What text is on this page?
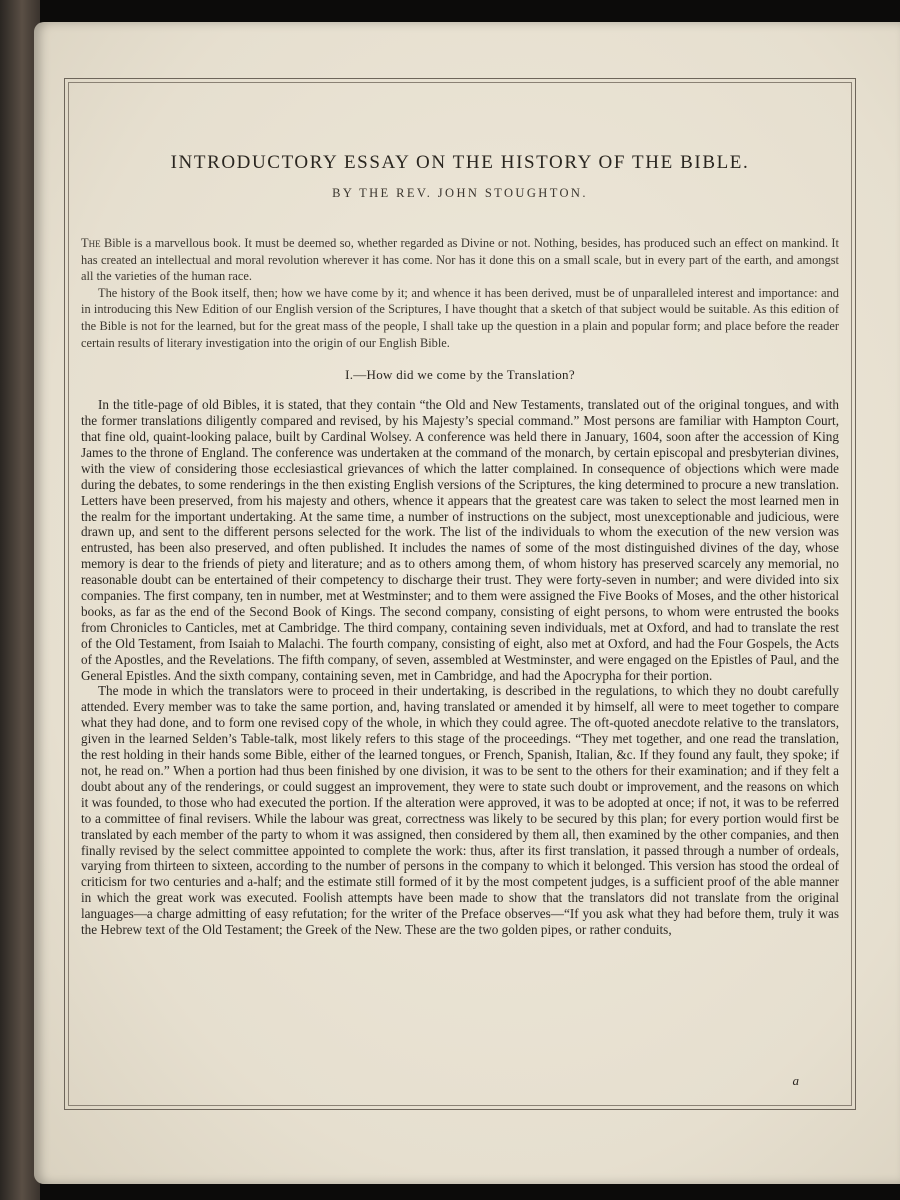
INTRODUCTORY ESSAY ON THE HISTORY OF THE BIBLE.
BY THE REV. JOHN STOUGHTON.

The Bible is a marvellous book. It must be deemed so, whether regarded as Divine or not. Nothing, besides, has produced such an effect on mankind. It has created an intellectual and moral revolution wherever it has come. Nor has it done this on a small scale, but in every part of the earth, and amongst all the varieties of the human race.

The history of the Book itself, then; how we have come by it; and whence it has been derived, must be of unparalleled interest and importance: and in introducing this New Edition of our English version of the Scriptures, I have thought that a sketch of that subject would be suitable. As this edition of the Bible is not for the learned, but for the great mass of the people, I shall take up the question in a plain and popular form; and place before the reader certain results of literary investigation into the origin of our English Bible.

I.—How did we come by the Translation?

In the title-page of old Bibles, it is stated, that they contain “the Old and New Testaments, translated out of the original tongues, and with the former translations diligently compared and revised, by his Majesty’s special command.” Most persons are familiar with Hampton Court, that fine old, quaint-looking palace, built by Cardinal Wolsey. A conference was held there in January, 1604, soon after the accession of King James to the throne of England. The conference was undertaken at the command of the monarch, by certain episcopal and presbyterian divines, with the view of considering those ecclesiastical grievances of which the latter complained. In consequence of objections which were made during the debates, to some renderings in the then existing English versions of the Scriptures, the king determined to procure a new translation. Letters have been preserved, from his majesty and others, whence it appears that the greatest care was taken to select the most learned men in the realm for the important undertaking. At the same time, a number of instructions on the subject, most unexceptionable and judicious, were drawn up, and sent to the different persons selected for the work. The list of the individuals to whom the execution of the new version was entrusted, has been also preserved, and often published. It includes the names of some of the most distinguished divines of the day, whose memory is dear to the friends of piety and literature; and as to others among them, of whom history has preserved scarcely any memorial, no reasonable doubt can be entertained of their competency to discharge their trust. They were forty-seven in number; and were divided into six companies. The first company, ten in number, met at Westminster; and to them were assigned the Five Books of Moses, and the other historical books, as far as the end of the Second Book of Kings. The second company, consisting of eight persons, to whom were entrusted the books from Chronicles to Canticles, met at Cambridge. The third company, containing seven individuals, met at Oxford, and had to translate the rest of the Old Testament, from Isaiah to Malachi. The fourth company, consisting of eight, also met at Oxford, and had the Four Gospels, the Acts of the Apostles, and the Revelations. The fifth company, of seven, assembled at Westminster, and were engaged on the Epistles of Paul, and the General Epistles. And the sixth company, containing seven, met in Cambridge, and had the Apocrypha for their portion.

The mode in which the translators were to proceed in their undertaking, is described in the regulations, to which they no doubt carefully attended. Every member was to take the same portion, and, having translated or amended it by himself, all were to meet together to compare what they had done, and to form one revised copy of the whole, in which they could agree. The oft-quoted anecdote relative to the translators, given in the learned Selden’s Table-talk, most likely refers to this stage of the proceedings. “They met together, and one read the translation, the rest holding in their hands some Bible, either of the learned tongues, or French, Spanish, Italian, &c. If they found any fault, they spoke; if not, he read on.” When a portion had thus been finished by one division, it was to be sent to the others for their examination; and if they felt a doubt about any of the renderings, or could suggest an improvement, they were to state such doubt or improvement, and the reasons on which it was founded, to those who had executed the portion. If the alteration were approved, it was to be adopted at once; if not, it was to be referred to a committee of final revisers. While the labour was great, correctness was likely to be secured by this plan; for every portion would first be translated by each member of the party to whom it was assigned, then considered by them all, then examined by the other companies, and then finally revised by the select committee appointed to complete the work: thus, after its first translation, it passed through a number of ordeals, varying from thirteen to sixteen, according to the number of persons in the company to which it belonged. This version has stood the ordeal of criticism for two centuries and a-half; and the estimate still formed of it by the most competent judges, is a sufficient proof of the able manner in which the great work was executed. Foolish attempts have been made to show that the translators did not translate from the original languages—a charge admitting of easy refutation; for the writer of the Preface observes—“If you ask what they had before them, truly it was the Hebrew text of the Old Testament; the Greek of the New. These are the two golden pipes, or rather conduits,

a
